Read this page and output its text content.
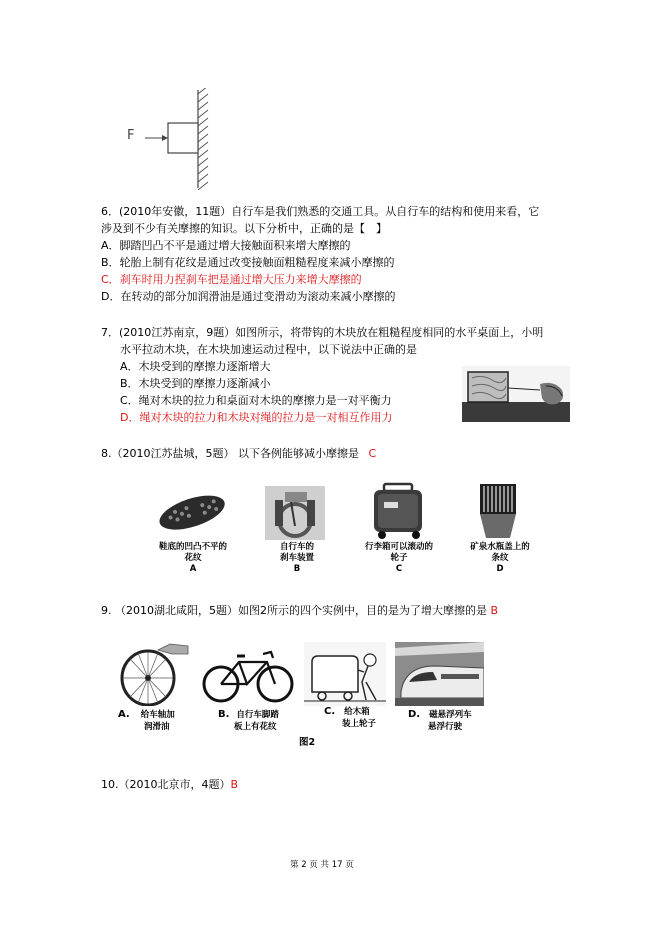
F
6．(2010年安徽，11题）自行车是我们熟悉的交通工具。从自行车的结构和使用来看，它
涉及到不少有关摩擦的知识。以下分析中，正确的是【　】
A．脚踏凹凸不平是通过增大接触面积来增大摩擦的
B．轮胎上制有花纹是通过改变接触面粗糙程度来减小摩擦的
C．刹车时用力捏刹车把是通过增大压力来增大摩擦的
D．在转动的部分加润滑油是通过变滑动为滚动来减小摩擦的
7．(2010江苏南京，9题）如图所示，将带钩的木块放在粗糙程度相同的水平桌面上，小明
水平拉动木块，在木块加速运动过程中，以下说法中正确的是
A．木块受到的摩擦力逐渐增大
B．木块受到的摩擦力逐渐减小
C．绳对木块的拉力和桌面对木块的摩擦力是一对平衡力
D．绳对木块的拉力和木块对绳的拉力是一对相互作用力
8.（2010江苏盐城，5题） 以下各例能够减小摩擦是 C
鞋底的凹凸不平的
花纹
A
自行车的
刹车装置
B
行李箱可以滚动的
轮子
C
矿泉水瓶盖上的
条纹
D
9. （2010湖北咸阳，5题）如图2所示的四个实例中，目的是为了增大摩擦的是 B
A. 给车轴加
润滑油
B. 自行车脚踏
板上有花纹
C. 给木箱
装上轮子
D. 磁悬浮列车
悬浮行驶
图2
10.（2010北京市，4题）B
第 2 页 共 17 页
